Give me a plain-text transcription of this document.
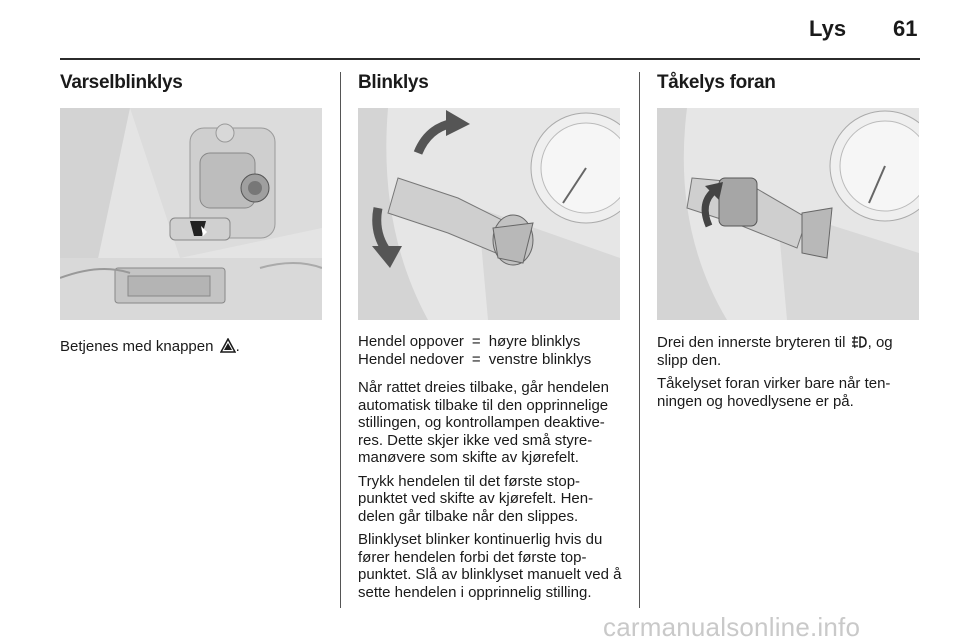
Lys 61
Varselblinklys

Betjenes med knappen .

Blinklys
Hendel oppover	=	høyre blinklys
Hendel nedover	=	venstre blinklys

Når rattet dreies tilbake, går hendelen automatisk tilbake til den opprinnelige stillingen, og kontrollampen deaktive-res. Dette skjer ikke ved små styre-manøvere som skifte av kjørefelt.

Trykk hendelen til det første stop-punktet ved skifte av kjørefelt. Hen-delen går tilbake når den slippes.

Blinklyset blinker kontinuerlig hvis du fører hendelen forbi det første top-punktet. Slå av blinklyset manuelt ved å sette hendelen i opprinnelig stilling.

Tåkelys foran

Drei den innerste bryteren til , og slipp den.

Tåkelyset foran virker bare når ten-ningen og hovedlysene er på.

carmanualsonline.info
